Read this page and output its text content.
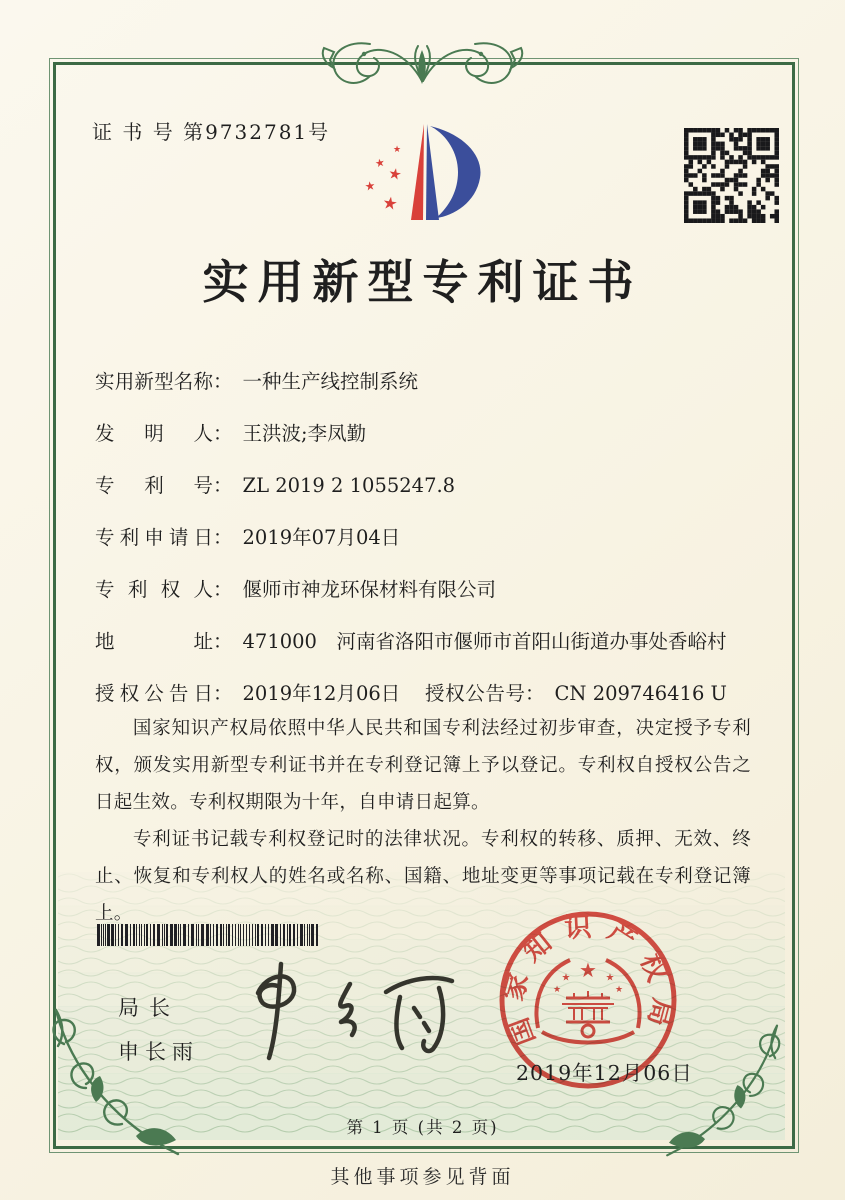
证 书 号 第9732781号
★
★
★
★
★
实用新型专利证书
实用新型名称： 一种生产线控制系统
发明人： 王洪波;李凤勤
专利号： ZL 2019 2 1055247.8
专利申请日： 2019年07月04日
专利权人： 偃师市神龙环保材料有限公司
地址： 471000　河南省洛阳市偃师市首阳山街道办事处香峪村
授权公告日： 2019年12月06日 授权公告号： CN 209746416 U

国家知识产权局依照中华人民共和国专利法经过初步审查，决定授予专利权，颁发实用新型专利证书并在专利登记簿上予以登记。专利权自授权公告之日起生效。专利权期限为十年，自申请日起算。

专利证书记载专利权登记时的法律状况。专利权的转移、质押、无效、终止、恢复和专利权人的姓名或名称、国籍、地址变更等事项记载在专利登记簿上。

局长
申长雨
国家知识产权局
★
★	★
★	★
2019年12月06日
第 1 页 (共 2 页)
其他事项参见背面
